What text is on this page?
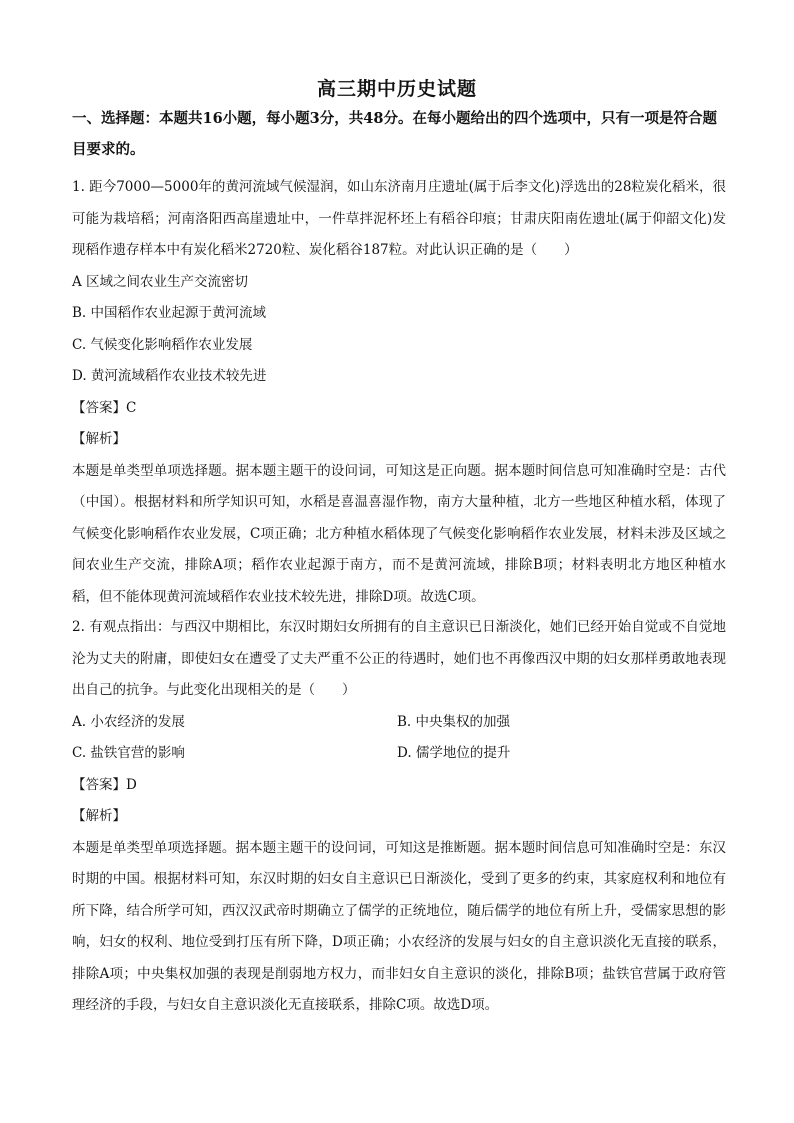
高三期中历史试题
一、选择题：本题共16小题，每小题3分，共48分。在每小题给出的四个选项中，只有一项是符合题目要求的。
1. 距今7000—5000年的黄河流域气候湿润，如山东济南月庄遗址(属于后李文化)浮选出的28粒炭化稻米，很可能为栽培稻；河南洛阳西高崖遗址中，一件草拌泥杯坯上有稻谷印痕；甘肃庆阳南佐遗址(属于仰韶文化)发现稻作遗存样本中有炭化稻米2720粒、炭化稻谷187粒。对此认识正确的是（　　）
A 区域之间农业生产交流密切
B. 中国稻作农业起源于黄河流域
C. 气候变化影响稻作农业发展
D. 黄河流域稻作农业技术较先进
【答案】C
【解析】
本题是单类型单项选择题。据本题主题干的设问词，可知这是正向题。据本题时间信息可知准确时空是：古代（中国）。根据材料和所学知识可知，水稻是喜温喜湿作物，南方大量种植，北方一些地区种植水稻，体现了气候变化影响稻作农业发展，C项正确；北方种植水稻体现了气候变化影响稻作农业发展，材料未涉及区域之间农业生产交流，排除A项；稻作农业起源于南方，而不是黄河流域，排除B项；材料表明北方地区种植水稻，但不能体现黄河流域稻作农业技术较先进，排除D项。故选C项。
2. 有观点指出：与西汉中期相比，东汉时期妇女所拥有的自主意识已日渐淡化，她们已经开始自觉或不自觉地沦为丈夫的附庸，即使妇女在遭受了丈夫严重不公正的待遇时，她们也不再像西汉中期的妇女那样勇敢地表现出自己的抗争。与此变化出现相关的是（　　）
A. 小农经济的发展	B. 中央集权的加强
C. 盐铁官营的影响	D. 儒学地位的提升
【答案】D
【解析】
本题是单类型单项选择题。据本题主题干的设问词，可知这是推断题。据本题时间信息可知准确时空是：东汉时期的中国。根据材料可知，东汉时期的妇女自主意识已日渐淡化，受到了更多的约束，其家庭权利和地位有所下降，结合所学可知，西汉汉武帝时期确立了儒学的正统地位，随后儒学的地位有所上升，受儒家思想的影响，妇女的权利、地位受到打压有所下降，D项正确；小农经济的发展与妇女的自主意识淡化无直接的联系，排除A项；中央集权加强的表现是削弱地方权力，而非妇女自主意识的淡化，排除B项；盐铁官营属于政府管理经济的手段，与妇女自主意识淡化无直接联系，排除C项。故选D项。
